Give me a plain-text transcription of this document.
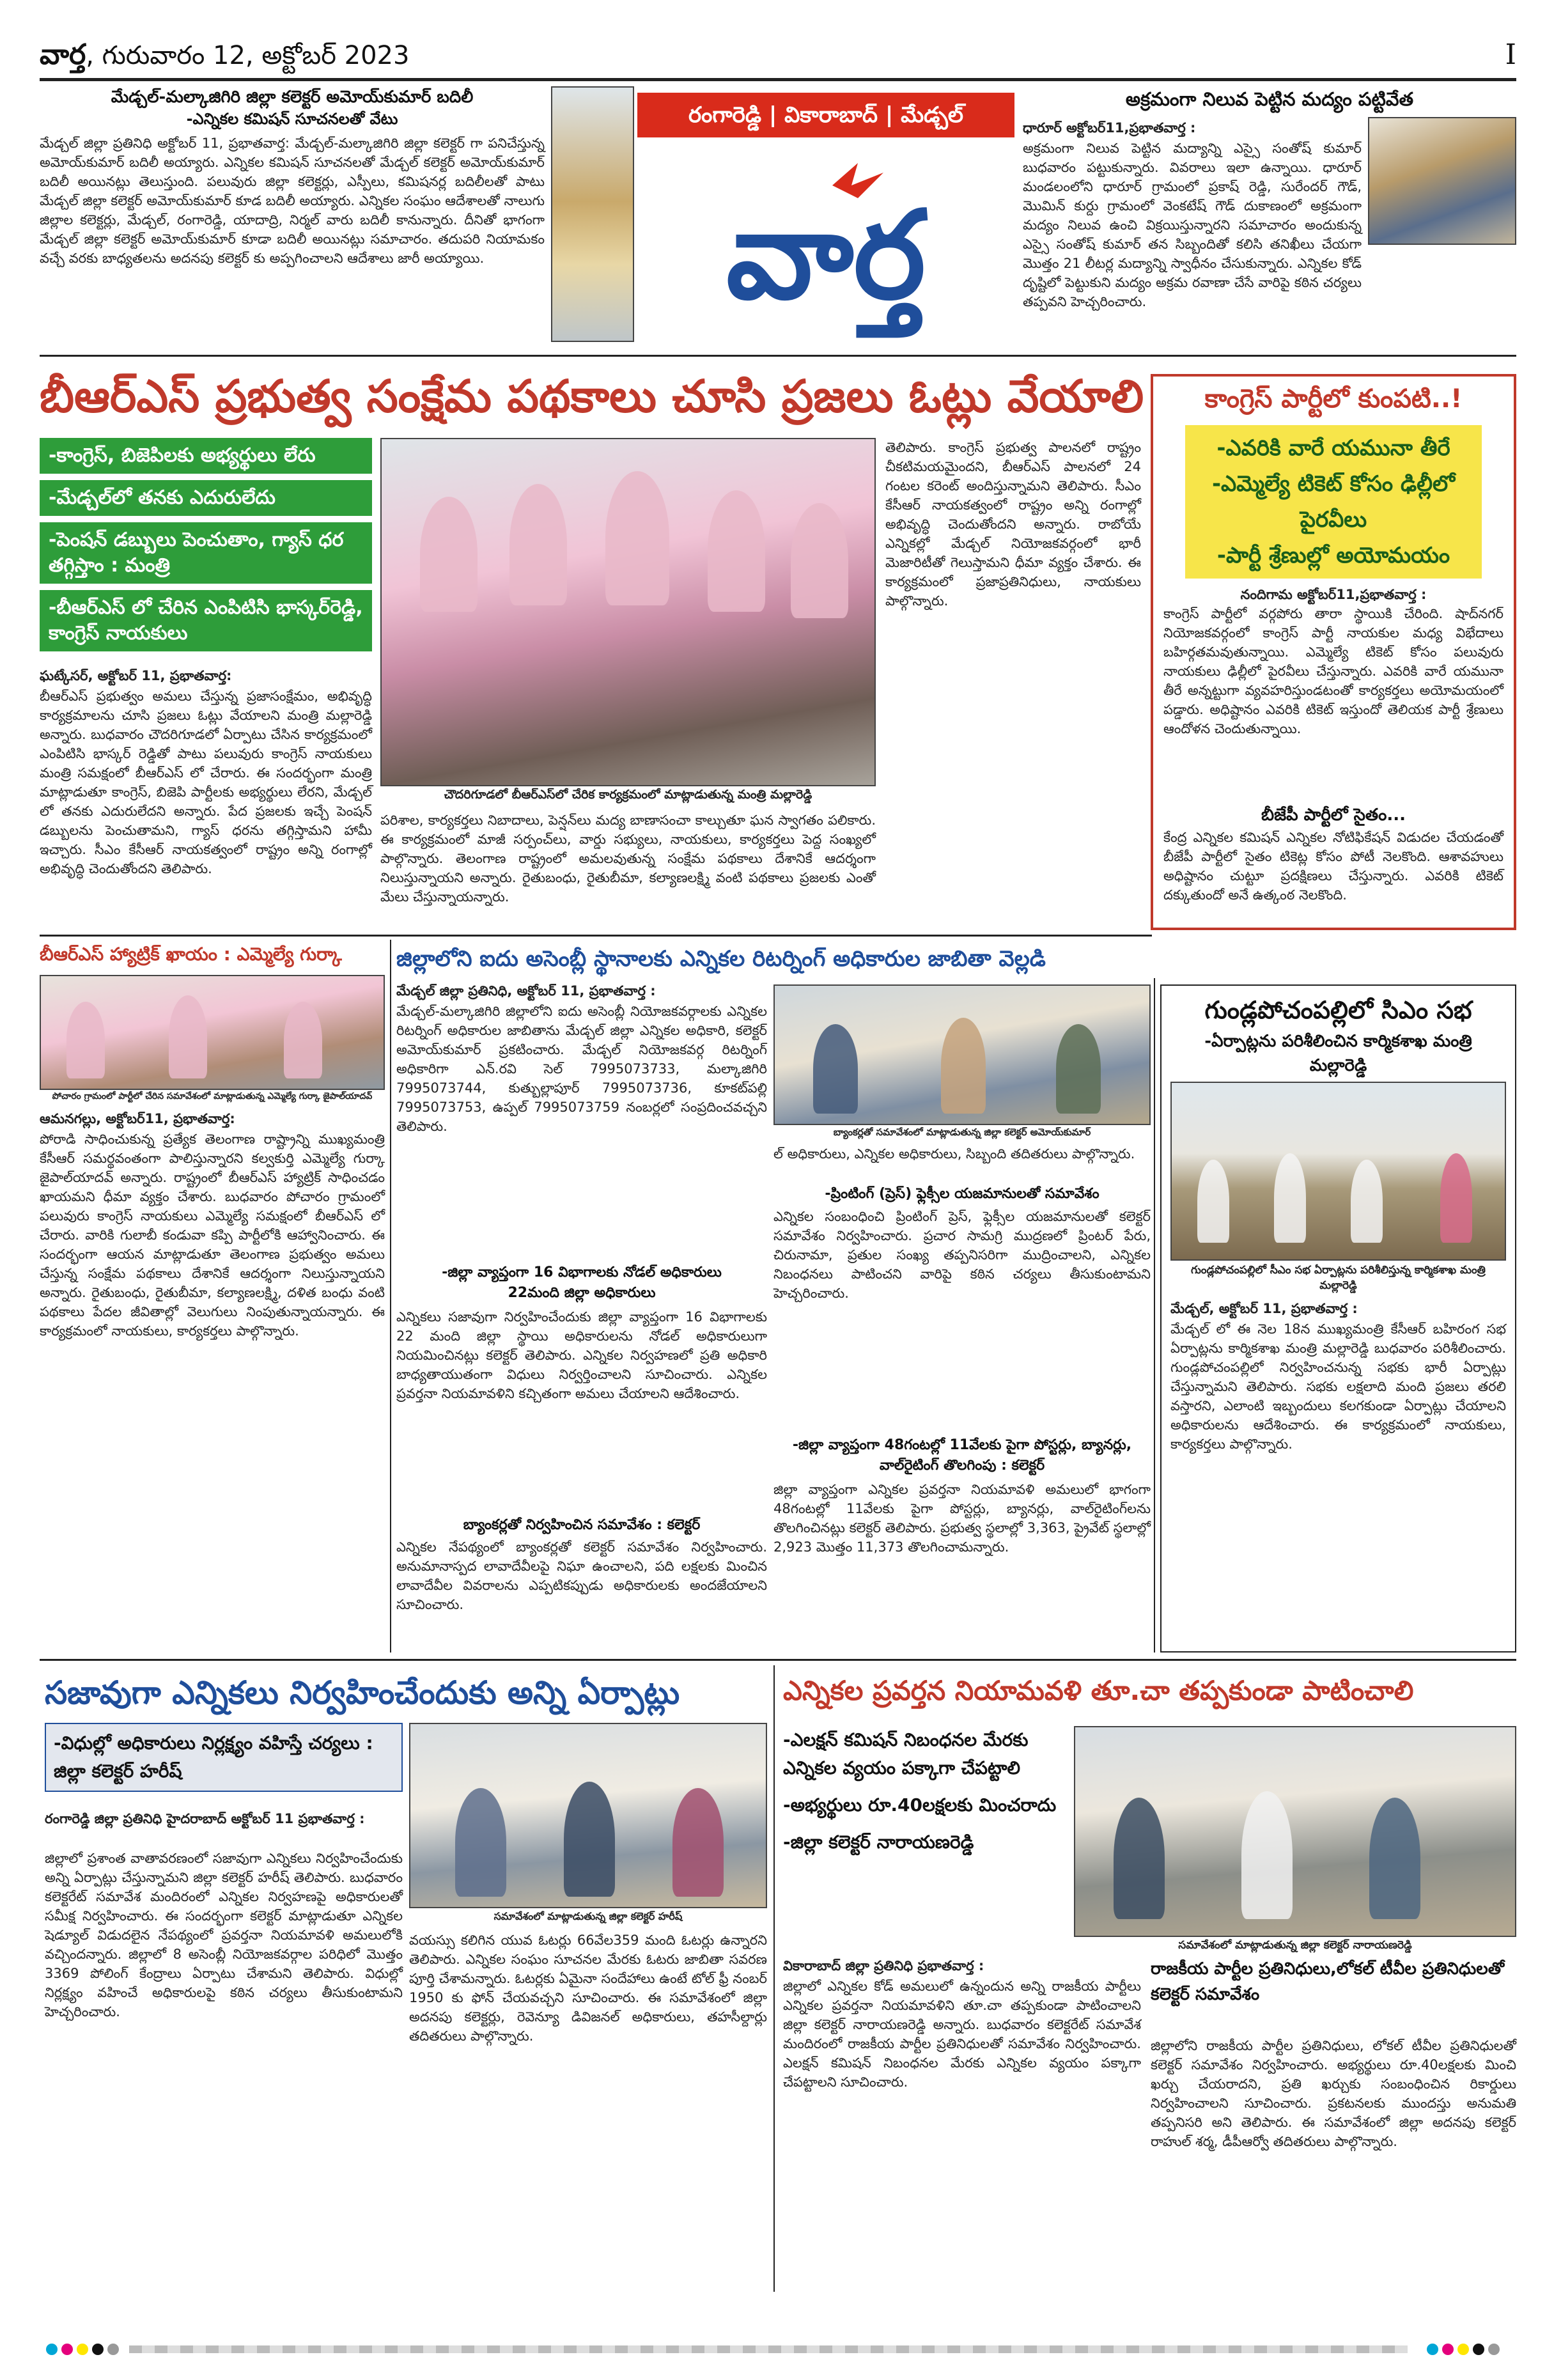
వార్త, గురువారం 12, అక్టోబర్ 2023	I
మేడ్చల్-మల్కాజిగిరి జిల్లా కలెక్టర్ అమోయ్‌కుమార్ బదిలీ
-ఎన్నికల కమిషన్ సూచనలతో వేటు
మేడ్చల్ జిల్లా ప్రతినిధి అక్టోబర్ 11, ప్రభాతవార్త: మేడ్చల్-మల్కాజిగిరి జిల్లా కలెక్టర్ గా పనిచేస్తున్న అమోయ్‌కుమార్ బదిలీ అయ్యారు. ఎన్నికల కమిషన్ సూచనలతో మేడ్చల్ కలెక్టర్ అమోయ్‌కుమార్ బదిలీ అయినట్లు తెలుస్తుంది. పలువురు జిల్లా కలెక్టర్లు, ఎస్పీలు, కమిషనర్ల బదిలీలతో పాటు మేడ్చల్ జిల్లా కలెక్టర్ అమోయ్‌కుమార్ కూడ బదిలీ అయ్యారు. ఎన్నికల సంఘం ఆదేశాలతో నాలుగు జిల్లాల కలెక్టర్లు, మేడ్చల్, రంగారెడ్డి, యాదాద్రి, నిర్మల్ వారు బదిలీ కానున్నారు. దీనితో భాగంగా మేడ్చల్ జిల్లా కలెక్టర్ అమోయ్‌కుమార్ కూడా బదిలీ అయినట్లు సమాచారం. తదుపరి నియామకం వచ్చే వరకు బాధ్యతలను అదనపు కలెక్టర్ కు అప్పగించాలని ఆదేశాలు జారీ అయ్యాయి.
రంగారెడ్డి | వికారాబాద్ | మేడ్చల్
వార్త
అక్రమంగా నిలువ పెట్టిన మద్యం పట్టివేత
ధారూర్ అక్టోబర్11,ప్రభాతవార్త :
అక్రమంగా నిలువ పెట్టిన మద్యాన్ని ఎస్సై సంతోష్ కుమార్ బుధవారం పట్టుకున్నారు. వివరాలు ఇలా ఉన్నాయి. ధారూర్ మండలంలోని ధారూర్ గ్రామంలో ప్రకాష్ రెడ్డి, సురేందర్ గౌడ్, మొమిన్ కుర్దు గ్రామంలో వెంకటేష్ గౌడ్ దుకాణంలో అక్రమంగా మద్యం నిలువ ఉంచి విక్రయిస్తున్నారని సమాచారం అందుకున్న ఎస్సై సంతోష్ కుమార్ తన సిబ్బందితో కలిసి తనిఖీలు చేయగా మొత్తం 21 లీటర్ల మద్యాన్ని స్వాధీనం చేసుకున్నారు. ఎన్నికల కోడ్ దృష్టిలో పెట్టుకుని మద్యం అక్రమ రవాణా చేసే వారిపై కఠిన చర్యలు తప్పవని హెచ్చరించారు.
బీఆర్ఎస్ ప్రభుత్వ సంక్షేమ పథకాలు చూసి ప్రజలు ఓట్లు వేయాలి
-కాంగ్రెస్, బిజెపిలకు అభ్యర్థులు లేరు
-మేడ్చల్‌లో తనకు ఎదురులేదు
-పెంషన్ డబ్బులు పెంచుతాం, గ్యాస్ ధర తగ్గిస్తాం : మంత్రి
-బీఆర్ఎస్ లో చేరిన ఎంపిటిసి భాస్కర్‌రెడ్డి, కాంగ్రెస్ నాయకులు
చౌదరిగూడలో బీఆర్ఎస్‌లో చేరిక కార్యక్రమంలో మాట్లాడుతున్న మంత్రి మల్లారెడ్డి
ఘట్కేసర్, అక్టోబర్ 11, ప్రభాతవార్త:
బీఆర్ఎస్ ప్రభుత్వం అమలు చేస్తున్న ప్రజాసంక్షేమం, అభివృద్ధి కార్యక్రమాలను చూసి ప్రజలు ఓట్లు వేయాలని మంత్రి మల్లారెడ్డి అన్నారు. బుధవారం చౌదరిగూడలో ఏర్పాటు చేసిన కార్యక్రమంలో ఎంపిటిసి భాస్కర్ రెడ్డితో పాటు పలువురు కాంగ్రెస్ నాయకులు మంత్రి సమక్షంలో బీఆర్ఎస్ లో చేరారు. ఈ సందర్భంగా మంత్రి మాట్లాడుతూ కాంగ్రెస్, బిజెపి పార్టీలకు అభ్యర్థులు లేరని, మేడ్చల్ లో తనకు ఎదురులేదని అన్నారు. పేద ప్రజలకు ఇచ్చే పెంషన్ డబ్బులను పెంచుతామని, గ్యాస్ ధరను తగ్గిస్తామని హామీ ఇచ్చారు. సీఎం కేసీఆర్ నాయకత్వంలో రాష్ట్రం అన్ని రంగాల్లో అభివృద్ధి చెందుతోందని తెలిపారు.
పరిశాల, కార్యకర్తలు నిబాదాలు, పెన్షన్‌లు మద్య బాణాసంచా కాల్చుతూ ఘన స్వాగతం పలికారు. ఈ కార్యక్రమంలో మాజీ సర్పంచ్‌లు, వార్డు సభ్యులు, నాయకులు, కార్యకర్తలు పెద్ద సంఖ్యలో పాల్గొన్నారు. తెలంగాణ రాష్ట్రంలో అమలవుతున్న సంక్షేమ పథకాలు దేశానికే ఆదర్శంగా నిలుస్తున్నాయని అన్నారు. రైతుబంధు, రైతుబీమా, కల్యాణలక్ష్మి వంటి పథకాలు ప్రజలకు ఎంతో మేలు చేస్తున్నాయన్నారు.
తెలిపారు. కాంగ్రెస్ ప్రభుత్వ పాలనలో రాష్ట్రం చీకటిమయమైందని, బీఆర్ఎస్ పాలనలో 24 గంటల కరెంట్ అందిస్తున్నామని తెలిపారు. సీఎం కేసీఆర్ నాయకత్వంలో రాష్ట్రం అన్ని రంగాల్లో అభివృద్ధి చెందుతోందని అన్నారు. రాబోయే ఎన్నికల్లో మేడ్చల్ నియోజకవర్గంలో భారీ మెజారిటీతో గెలుస్తామని ధీమా వ్యక్తం చేశారు. ఈ కార్యక్రమంలో ప్రజాప్రతినిధులు, నాయకులు పాల్గొన్నారు.
కాంగ్రెస్ పార్టీలో కుంపటి..!
-ఎవరికి వారే యమునా తీరే
-ఎమ్మెల్యే టికెట్ కోసం ఢిల్లీలో పైరవీలు
-పార్టీ శ్రేణుల్లో అయోమయం
నందిగామ అక్టోబర్11,ప్రభాతవార్త :
కాంగ్రెస్ పార్టీలో వర్గపోరు తారా స్థాయికి చేరింది. షాద్‌నగర్ నియోజకవర్గంలో కాంగ్రెస్ పార్టీ నాయకుల మధ్య విభేదాలు బహిర్గతమవుతున్నాయి. ఎమ్మెల్యే టికెట్ కోసం పలువురు నాయకులు ఢిల్లీలో పైరవీలు చేస్తున్నారు. ఎవరికి వారే యమునా తీరే అన్నట్టుగా వ్యవహరిస్తుండటంతో కార్యకర్తలు అయోమయంలో పడ్డారు. అధిష్టానం ఎవరికి టికెట్ ఇస్తుందో తెలియక పార్టీ శ్రేణులు ఆందోళన చెందుతున్నాయి.
బీజేపీ పార్టీలో సైతం...
కేంద్ర ఎన్నికల కమిషన్ ఎన్నికల నోటిఫికేషన్ విడుదల చేయడంతో బీజేపీ పార్టీలో సైతం టికెట్ల కోసం పోటీ నెలకొంది. ఆశావహులు అధిష్టానం చుట్టూ ప్రదక్షిణలు చేస్తున్నారు. ఎవరికి టికెట్ దక్కుతుందో అనే ఉత్కంఠ నెలకొంది.
బీఆర్ఎస్ హ్యాట్రిక్ ఖాయం : ఎమ్మెల్యే గుర్కా
పోచారం గ్రామంలో పార్టీలో చేరిన సమావేశంలో మాట్లాడుతున్న ఎమ్మెల్యే గుర్కా జైపాల్‌యాదవ్
ఆమనగల్లు, అక్టోబర్11, ప్రభాతవార్త:
పోరాడి సాధించుకున్న ప్రత్యేక తెలంగాణ రాష్ట్రాన్ని ముఖ్యమంత్రి కేసీఆర్ సమర్థవంతంగా పాలిస్తున్నారని కల్వకుర్తి ఎమ్మెల్యే గుర్కా జైపాల్‌యాదవ్ అన్నారు. రాష్ట్రంలో బీఆర్ఎస్ హ్యాట్రిక్ సాధించడం ఖాయమని ధీమా వ్యక్తం చేశారు. బుధవారం పోచారం గ్రామంలో పలువురు కాంగ్రెస్ నాయకులు ఎమ్మెల్యే సమక్షంలో బీఆర్ఎస్ లో చేరారు. వారికి గులాబీ కండువా కప్పి పార్టీలోకి ఆహ్వానించారు. ఈ సందర్భంగా ఆయన మాట్లాడుతూ తెలంగాణ ప్రభుత్వం అమలు చేస్తున్న సంక్షేమ పథకాలు దేశానికే ఆదర్శంగా నిలుస్తున్నాయని అన్నారు. రైతుబంధు, రైతుబీమా, కల్యాణలక్ష్మి, దళిత బంధు వంటి పథకాలు పేదల జీవితాల్లో వెలుగులు నింపుతున్నాయన్నారు. ఈ కార్యక్రమంలో నాయకులు, కార్యకర్తలు పాల్గొన్నారు.
జిల్లాలోని ఐదు అసెంబ్లీ స్థానాలకు ఎన్నికల రిటర్నింగ్ అధికారుల జాబితా వెల్లడి
మేడ్చల్ జిల్లా ప్రతినిధి, అక్టోబర్ 11, ప్రభాతవార్త :
మేడ్చల్-మల్కాజిగిరి జిల్లాలోని ఐదు అసెంబ్లీ నియోజకవర్గాలకు ఎన్నికల రిటర్నింగ్ అధికారుల జాబితాను మేడ్చల్ జిల్లా ఎన్నికల అధికారి, కలెక్టర్ అమోయ్‌కుమార్ ప్రకటించారు. మేడ్చల్ నియోజకవర్గ రిటర్నింగ్ అధికారిగా ఎన్.రవి సెల్ 7995073733, మల్కాజిగిరి 7995073744, కుత్బుల్లాపూర్ 7995073736, కూకట్‌పల్లి 7995073753, ఉప్పల్ 7995073759 నంబర్లలో సంప్రదించవచ్చని తెలిపారు.
-జిల్లా వ్యాప్తంగా 16 విభాగాలకు నోడల్ అధికారులు
22మంది జిల్లా అధికారులు
ఎన్నికలు సజావుగా నిర్వహించేందుకు జిల్లా వ్యాప్తంగా 16 విభాగాలకు 22 మంది జిల్లా స్థాయి అధికారులను నోడల్ అధికారులుగా నియమించినట్లు కలెక్టర్ తెలిపారు. ఎన్నికల నిర్వహణలో ప్రతి అధికారి బాధ్యతాయుతంగా విధులు నిర్వర్తించాలని సూచించారు. ఎన్నికల ప్రవర్తనా నియమావళిని కచ్చితంగా అమలు చేయాలని ఆదేశించారు.
బ్యాంకర్లతో నిర్వహించిన సమావేశం : కలెక్టర్
ఎన్నికల నేపథ్యంలో బ్యాంకర్లతో కలెక్టర్ సమావేశం నిర్వహించారు. అనుమానాస్పద లావాదేవీలపై నిఘా ఉంచాలని, పది లక్షలకు మించిన లావాదేవీల వివరాలను ఎప్పటికప్పుడు అధికారులకు అందజేయాలని సూచించారు.
బ్యాంకర్లతో సమావేశంలో మాట్లాడుతున్న జిల్లా కలెక్టర్ అమోయ్‌కుమార్
ల్ అధికారులు, ఎన్నికల అధికారులు, సిబ్బంది తదితరులు పాల్గొన్నారు.
-ప్రింటింగ్ (ప్రెస్) ఫ్లెక్సీల యజమానులతో సమావేశం
ఎన్నికల సంబంధించి ప్రింటింగ్ ప్రెస్, ఫ్లెక్సీల యజమానులతో కలెక్టర్ సమావేశం నిర్వహించారు. ప్రచార సామగ్రి ముద్రణలో ప్రింటర్ పేరు, చిరునామా, ప్రతుల సంఖ్య తప్పనిసరిగా ముద్రించాలని, ఎన్నికల నిబంధనలు పాటించని వారిపై కఠిన చర్యలు తీసుకుంటామని హెచ్చరించారు.
-జిల్లా వ్యాప్తంగా 48గంటల్లో 11వేలకు పైగా పోస్టర్లు, బ్యానర్లు, వాల్‌రైటింగ్ తొలగింపు : కలెక్టర్
జిల్లా వ్యాప్తంగా ఎన్నికల ప్రవర్తనా నియమావళి అమలులో భాగంగా 48గంటల్లో 11వేలకు పైగా పోస్టర్లు, బ్యానర్లు, వాల్‌రైటింగ్‌లను తొలగించినట్లు కలెక్టర్ తెలిపారు. ప్రభుత్వ స్థలాల్లో 3,363, ప్రైవేట్ స్థలాల్లో 2,923 మొత్తం 11,373 తొలగించామన్నారు.
గుండ్లపోచంపల్లిలో సిఎం సభ
-ఏర్పాట్లను పరిశీలించిన కార్మికశాఖ మంత్రి మల్లారెడ్డి
గుండ్లపోచంపల్లిలో సీఎం సభ ఏర్పాట్లను పరిశీలిస్తున్న కార్మికశాఖ మంత్రి మల్లారెడ్డి
మేడ్చల్, అక్టోబర్ 11, ప్రభాతవార్త :
మేడ్చల్ లో ఈ నెల 18న ముఖ్యమంత్రి కేసీఆర్ బహిరంగ సభ ఏర్పాట్లను కార్మికశాఖ మంత్రి మల్లారెడ్డి బుధవారం పరిశీలించారు. గుండ్లపోచంపల్లిలో నిర్వహించనున్న సభకు భారీ ఏర్పాట్లు చేస్తున్నామని తెలిపారు. సభకు లక్షలాది మంది ప్రజలు తరలి వస్తారని, ఎలాంటి ఇబ్బందులు కలగకుండా ఏర్పాట్లు చేయాలని అధికారులను ఆదేశించారు. ఈ కార్యక్రమంలో నాయకులు, కార్యకర్తలు పాల్గొన్నారు.
సజావుగా ఎన్నికలు నిర్వహించేందుకు అన్ని ఏర్పాట్లు
-విధుల్లో అధికారులు నిర్లక్ష్యం వహిస్తే చర్యలు : జిల్లా కలెక్టర్ హరీష్
సమావేశంలో మాట్లాడుతున్న జిల్లా కలెక్టర్ హరీష్
రంగారెడ్డి జిల్లా ప్రతినిధి హైదరాబాద్ అక్టోబర్ 11 ప్రభాతవార్త :
జిల్లాలో ప్రశాంత వాతావరణంలో సజావుగా ఎన్నికలు నిర్వహించేందుకు అన్ని ఏర్పాట్లు చేస్తున్నామని జిల్లా కలెక్టర్ హరీష్ తెలిపారు. బుధవారం కలెక్టరేట్ సమావేశ మందిరంలో ఎన్నికల నిర్వహణపై అధికారులతో సమీక్ష నిర్వహించారు. ఈ సందర్భంగా కలెక్టర్ మాట్లాడుతూ ఎన్నికల షెడ్యూల్ విడుదలైన నేపథ్యంలో ప్రవర్తనా నియమావళి అమలులోకి వచ్చిందన్నారు. జిల్లాలో 8 అసెంబ్లీ నియోజకవర్గాల పరిధిలో మొత్తం 3369 పోలింగ్ కేంద్రాలు ఏర్పాటు చేశామని తెలిపారు. విధుల్లో నిర్లక్ష్యం వహించే అధికారులపై కఠిన చర్యలు తీసుకుంటామని హెచ్చరించారు.
వయస్సు కలిగిన యువ ఓటర్లు 66వేల359 మంది ఓటర్లు ఉన్నారని తెలిపారు. ఎన్నికల సంఘం సూచనల మేరకు ఓటరు జాబితా సవరణ పూర్తి చేశామన్నారు. ఓటర్లకు ఏమైనా సందేహాలు ఉంటే టోల్ ఫ్రీ నంబర్ 1950 కు ఫోన్ చేయవచ్చని సూచించారు. ఈ సమావేశంలో జిల్లా అదనపు కలెక్టర్లు, రెవెన్యూ డివిజనల్ అధికారులు, తహసీల్దార్లు తదితరులు పాల్గొన్నారు.
ఎన్నికల ప్రవర్తన నియామవళి తూ.చా తప్పకుండా పాటించాలి
-ఎలక్షన్ కమిషన్ నిబంధనల మేరకు ఎన్నికల వ్యయం పక్కాగా చేపట్టాలి
-అభ్యర్థులు రూ.40లక్షలకు మించరాదు
-జిల్లా కలెక్టర్ నారాయణరెడ్డి
సమావేశంలో మాట్లాడుతున్న జిల్లా కలెక్టర్ నారాయణరెడ్డి
వికారాబాద్ జిల్లా ప్రతినిధి ప్రభాతవార్త :
జిల్లాలో ఎన్నికల కోడ్ అమలులో ఉన్నందున అన్ని రాజకీయ పార్టీలు ఎన్నికల ప్రవర్తనా నియమావళిని తూ.చా తప్పకుండా పాటించాలని జిల్లా కలెక్టర్ నారాయణరెడ్డి అన్నారు. బుధవారం కలెక్టరేట్ సమావేశ మందిరంలో రాజకీయ పార్టీల ప్రతినిధులతో సమావేశం నిర్వహించారు. ఎలక్షన్ కమిషన్ నిబంధనల మేరకు ఎన్నికల వ్యయం పక్కాగా చేపట్టాలని సూచించారు.
రాజకీయ పార్టీల ప్రతినిధులు,లోకల్ టీవీల ప్రతినిధులతో కలెక్టర్ సమావేశం
జిల్లాలోని రాజకీయ పార్టీల ప్రతినిధులు, లోకల్ టీవీల ప్రతినిధులతో కలెక్టర్ సమావేశం నిర్వహించారు. అభ్యర్థులు రూ.40లక్షలకు మించి ఖర్చు చేయరాదని, ప్రతి ఖర్చుకు సంబంధించిన రికార్డులు నిర్వహించాలని సూచించారు. ప్రకటనలకు ముందస్తు అనుమతి తప్పనిసరి అని తెలిపారు. ఈ సమావేశంలో జిల్లా అదనపు కలెక్టర్ రాహుల్ శర్మ, డీపీఆర్వో తదితరులు పాల్గొన్నారు.
